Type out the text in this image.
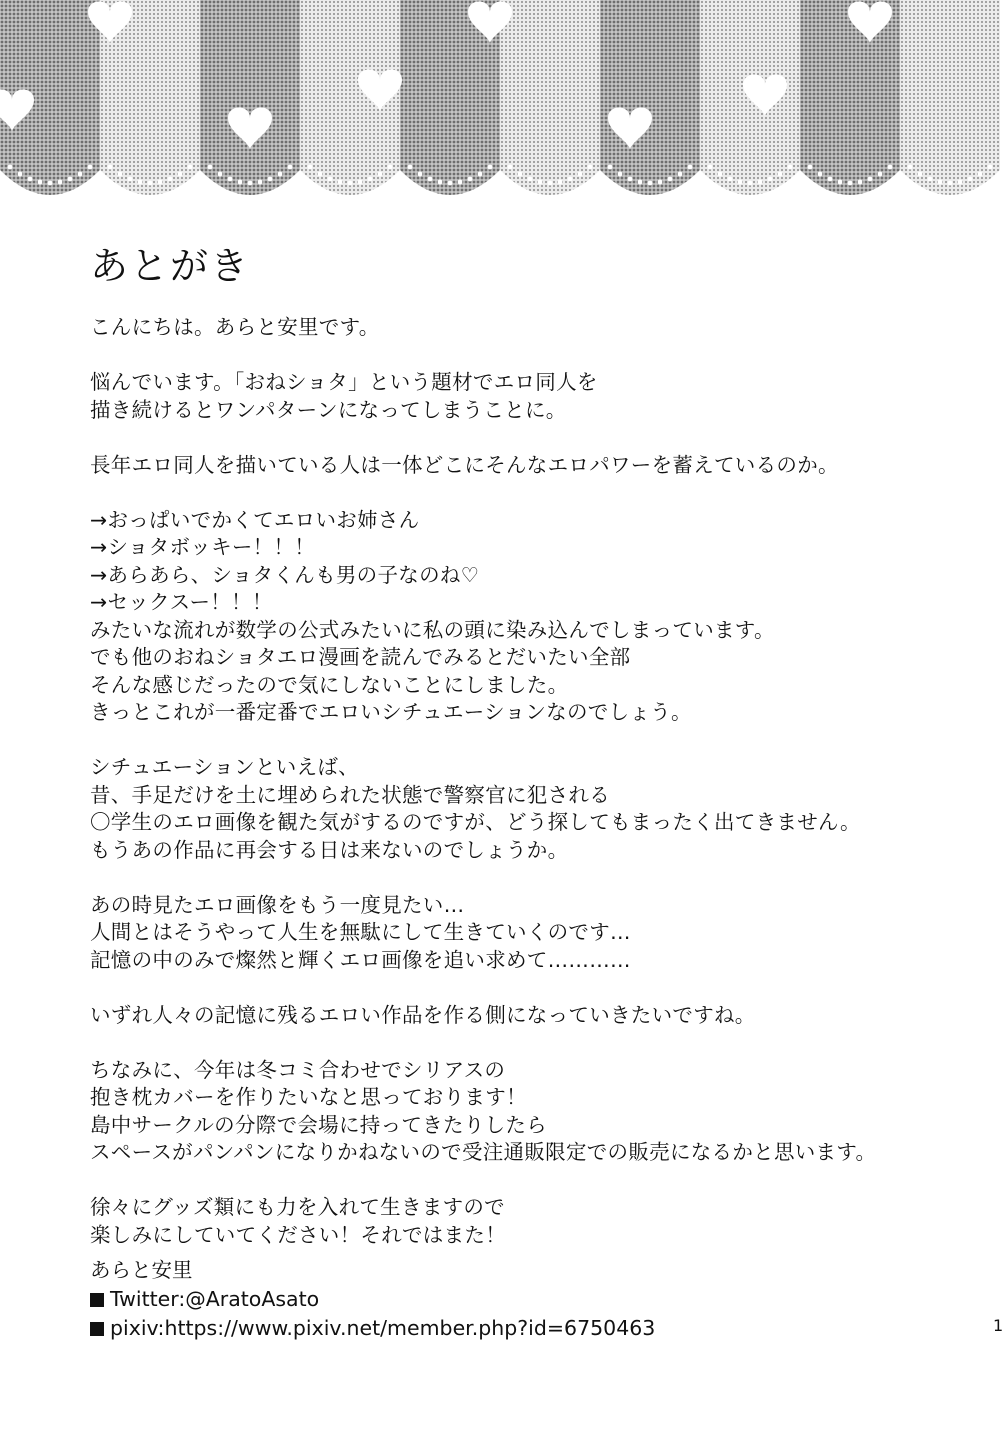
あとがき
こんにちは。あらと安里です。
悩んでいます。「おねショタ」という題材でエロ同人を
描き続けるとワンパターンになってしまうことに。
長年エロ同人を描いている人は一体どこにそんなエロパワーを蓄えているのか。
→おっぱいでかくてエロいお姉さん
→ショタボッキー！！！
→あらあら、ショタくんも男の子なのね♡
→セックスー！！！
みたいな流れが数学の公式みたいに私の頭に染み込んでしまっています。
でも他のおねショタエロ漫画を読んでみるとだいたい全部
そんな感じだったので気にしないことにしました。
きっとこれが一番定番でエロいシチュエーションなのでしょう。
シチュエーションといえば、
昔、手足だけを土に埋められた状態で警察官に犯される
〇学生のエロ画像を観た気がするのですが、どう探してもまったく出てきません。
もうあの作品に再会する日は来ないのでしょうか。
あの時見たエロ画像をもう一度見たい…
人間とはそうやって人生を無駄にして生きていくのです…
記憶の中のみで燦然と輝くエロ画像を追い求めて…………
いずれ人々の記憶に残るエロい作品を作る側になっていきたいですね。
ちなみに、今年は冬コミ合わせでシリアスの
抱き枕カバーを作りたいなと思っております！
島中サークルの分際で会場に持ってきたりしたら
スペースがパンパンになりかねないので受注通販限定での販売になるかと思います。
徐々にグッズ類にも力を入れて生きますので
楽しみにしていてください！それではまた！
あらと安里
Twitter:@AratoAsato
pixiv:https://www.pixiv.net/member.php?id=6750463	1
